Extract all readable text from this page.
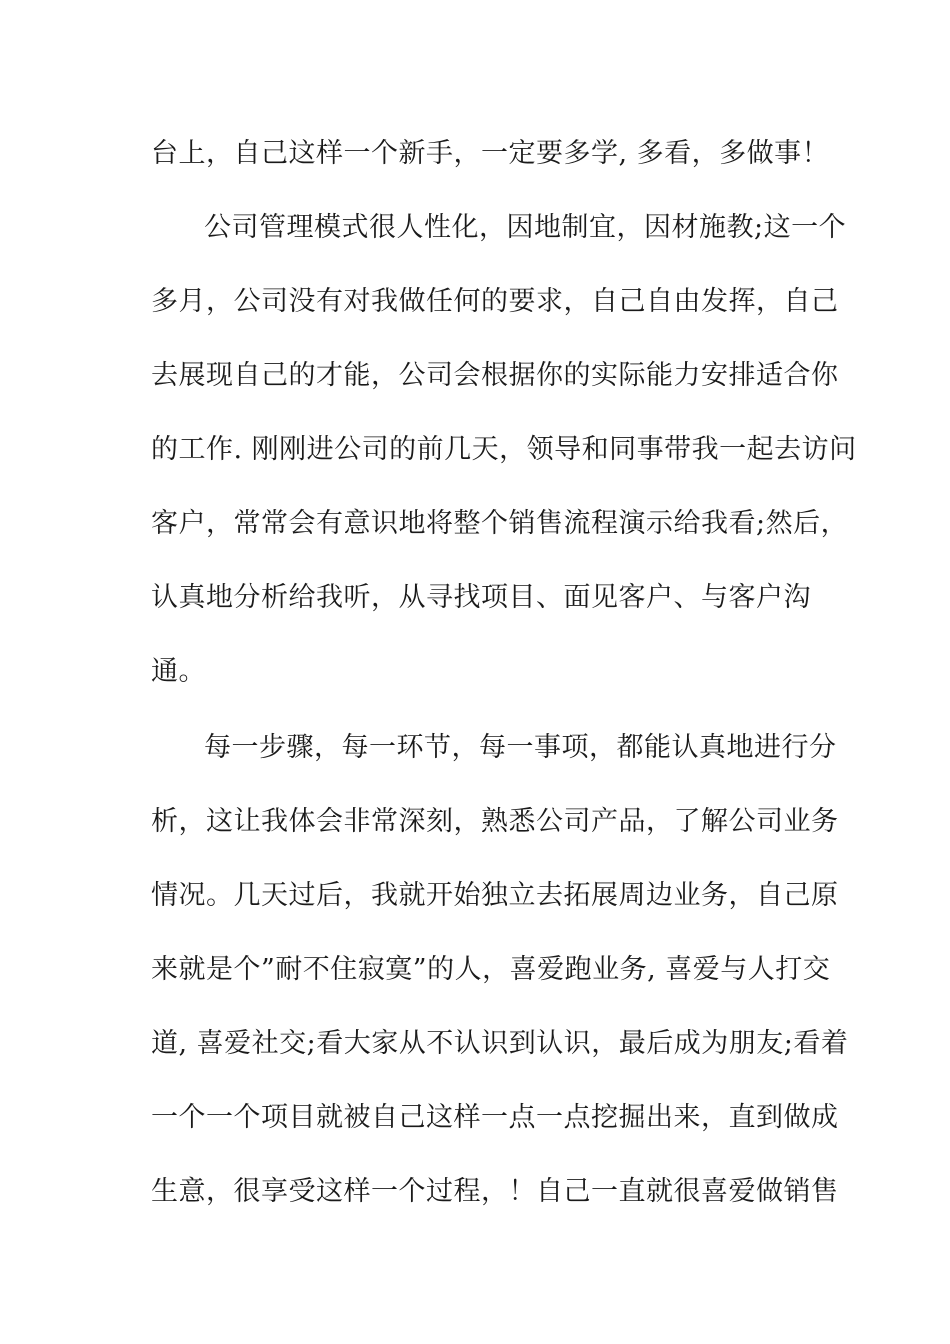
台上，自己这样一个新手，一定要多学, 多看，多做事！
公司管理模式很人性化，因地制宜，因材施教;这一个
多月，公司没有对我做任何的要求，自己自由发挥，自己
去展现自己的才能，公司会根据你的实际能力安排适合你
的工作. 刚刚进公司的前几天，领导和同事带我一起去访问
客户，常常会有意识地将整个销售流程演示给我看;然后，
认真地分析给我听，从寻找项目、面见客户、与客户沟
通。
每一步骤，每一环节，每一事项，都能认真地进行分
析，这让我体会非常深刻，熟悉公司产品，了解公司业务
情况。几天过后，我就开始独立去拓展周边业务，自己原
来就是个”耐不住寂寞”的人，喜爱跑业务, 喜爱与人打交
道, 喜爱社交;看大家从不认识到认识，最后成为朋友;看着
一个一个项目就被自己这样一点一点挖掘出来，直到做成
生意，很享受这样一个过程，！自己一直就很喜爱做销售
